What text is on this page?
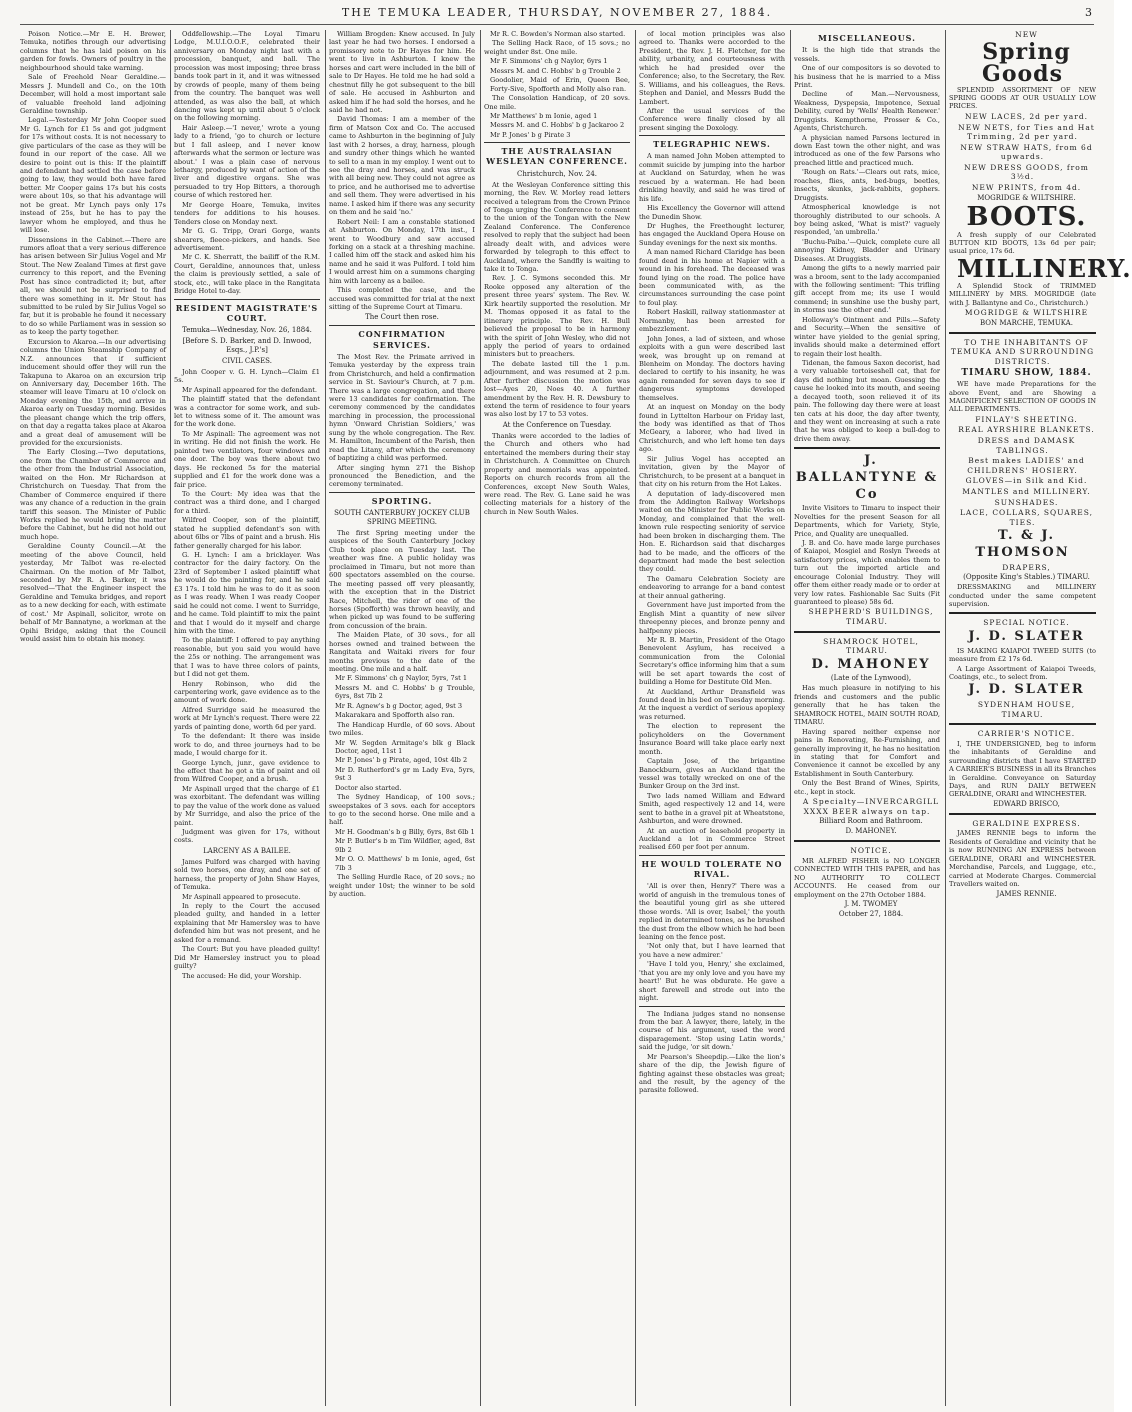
THE TEMUKA LEADER, THURSDAY, NOVEMBER 27, 1884.	3

Poison Notice.—Mr E. H. Brewer, Temuka, notifies through our advertising columns that he has laid poison on his garden for fowls. Owners of poultry in the neighbourhood should take warning.

Sale of Freehold Near Geraldine.—Messrs J. Mundell and Co., on the 10th December, will hold a most important sale of valuable freehold land adjoining Geraldine township.

Legal.—Yesterday Mr John Cooper sued Mr G. Lynch for £1 5s and got judgment for 17s without costs. It is not necessary to give particulars of the case as they will be found in our report of the case. All we desire to point out is this: If the plaintiff and defendant had settled the case before going to law, they would both have fared better. Mr Cooper gains 17s but his costs were about 10s, so that his advantage will not be great. Mr Lynch pays only 17s instead of 25s, but he has to pay the lawyer whom he employed, and thus he will lose.

Dissensions in the Cabinet.—There are rumors afloat that a very serious difference has arisen between Sir Julius Vogel and Mr Stout. The New Zealand Times at first gave currency to this report, and the Evening Post has since contradicted it; but, after all, we should not be surprised to find there was something in it. Mr Stout has submitted to be ruled by Sir Julius Vogel so far, but it is probable he found it necessary to do so while Parliament was in session so as to keep the party together.

Excursion to Akaroa.—In our advertising columns the Union Steamship Company of N.Z. announces that if sufficient inducement should offer they will run the Takapuna to Akaroa on an excursion trip on Anniversary day, December 16th. The steamer will leave Timaru at 10 o'clock on Monday evening the 15th, and arrive in Akaroa early on Tuesday morning. Besides the pleasant change which the trip offers, on that day a regatta takes place at Akaroa and a great deal of amusement will be provided for the excursionists.

The Early Closing.—Two deputations, one from the Chamber of Commerce and the other from the Industrial Association, waited on the Hon. Mr Richardson at Christchurch on Tuesday. That from the Chamber of Commerce enquired if there was any chance of a reduction in the grain tariff this season. The Minister of Public Works replied he would bring the matter before the Cabinet, but he did not hold out much hope.

Geraldine County Council.—At the meeting of the above Council, held yesterday, Mr Talbot was re-elected Chairman. On the motion of Mr Talbot, seconded by Mr R. A. Barker, it was resolved—'That the Engineer inspect the Geraldine and Temuka bridges, and report as to a new decking for each, with estimate of cost.' Mr Aspinall, solicitor, wrote on behalf of Mr Bannatyne, a workman at the Opihi Bridge, asking that the Council would assist him to obtain his money.

Oddfellowship.—The Loyal Timaru Lodge, M.U.I.O.O.F., celebrated their anniversary on Monday night last with a procession, banquet, and ball. The procession was most imposing; three brass bands took part in it, and it was witnessed by crowds of people, many of them being from the country. The banquet was well attended, as was also the ball, at which dancing was kept up until about 5 o'clock on the following morning.

Hair Asleep.—'I never,' wrote a young lady to a friend, 'go to church or lecture but I fall asleep, and I never know afterwards what the sermon or lecture was about.' I was a plain case of nervous lethargy, produced by want of action of the liver and digestive organs. She was persuaded to try Hop Bitters, a thorough course of which restored her.

Mr George Hoare, Temuka, invites tenders for additions to his houses. Tenders close on Monday next.

Mr G. G. Tripp, Orari Gorge, wants shearers, fleece-pickers, and hands. See advertisement.

Mr C. K. Sherratt, the bailiff of the R.M. Court, Geraldine, announces that, unless the claim is previously settled, a sale of stock, etc., will take place in the Rangitata Bridge Hotel to-day.

RESIDENT MAGISTRATE'S COURT.

Temuka—Wednesday, Nov. 26, 1884.

[Before S. D. Barker, and D. Inwood, Esqs., J.P.'s]

CIVIL CASES.

John Cooper v. G. H. Lynch—Claim £1 5s.

Mr Aspinall appeared for the defendant.

The plaintiff stated that the defendant was a contractor for some work, and sub-let to witness some of it. The amount was for the work done.

To Mr Aspinall: The agreement was not in writing. He did not finish the work. He painted two ventilators, four windows and one door. The boy was there about two days. He reckoned 5s for the material supplied and £1 for the work done was a fair price.

To the Court: My idea was that the contract was a third done, and I charged for a third.

Wilfred Cooper, son of the plaintiff, stated he supplied defendant's son with about 6lbs or 7lbs of paint and a brush. His father generally charged for his labor.

G. H. Lynch: I am a bricklayer. Was contractor for the dairy factory. On the 23rd of September I asked plaintiff what he would do the painting for, and he said £3 17s. I told him he was to do it as soon as I was ready. When I was ready Cooper said he could not come. I went to Surridge, and he came. Told plaintiff to mix the paint and that I would do it myself and charge him with the time.

To the plaintiff: I offered to pay anything reasonable, but you said you would have the 25s or nothing. The arrangement was that I was to have three colors of paints, but I did not get them.

Henry Robinson, who did the carpentering work, gave evidence as to the amount of work done.

Alfred Surridge said he measured the work at Mr Lynch's request. There were 22 yards of painting done, worth 6d per yard.

To the defendant: It there was inside work to do, and three journeys had to be made, I would charge for it.

George Lynch, junr., gave evidence to the effect that he got a tin of paint and oil from Wilfred Cooper, and a brush.

Mr Aspinall urged that the charge of £1 was exorbitant. The defendant was willing to pay the value of the work done as valued by Mr Surridge, and also the price of the paint.

Judgment was given for 17s, without costs.

LARCENY AS A BAILEE.

James Pulford was charged with having sold two horses, one dray, and one set of harness, the property of John Shaw Hayes, of Temuka.

Mr Aspinall appeared to prosecute.

In reply to the Court the accused pleaded guilty, and handed in a letter explaining that Mr Hamersley was to have defended him but was not present, and he asked for a remand.

The Court: But you have pleaded guilty! Did Mr Hamersley instruct you to plead guilty?

The accused: He did, your Worship.

William Brogden: Knew accused. In July last year he had two horses. I endorsed a promissory note to Dr Hayes for him. He went to live in Ashburton. I knew the horses and cart were included in the bill of sale to Dr Hayes. He told me he had sold a chestnut filly he got subsequent to the bill of sale. He accused in Ashburton and asked him if he had sold the horses, and he said he had not.

David Thomas: I am a member of the firm of Matson Cox and Co. The accused came to Ashburton in the beginning of July last with 2 horses, a dray, harness, plough and sundry other things which he wanted to sell to a man in my employ. I went out to see the dray and horses, and was struck with all being new. They could not agree as to price, and he authorised me to advertise and sell them. They were advertised in his name. I asked him if there was any security on them and he said 'no.'

Robert Neil: I am a constable stationed at Ashburton. On Monday, 17th inst., I went to Woodbury and saw accused forking on a stack at a threshing machine. I called him off the stack and asked him his name and he said it was Pulford. I told him I would arrest him on a summons charging him with larceny as a bailee.

This completed the case, and the accused was committed for trial at the next sitting of the Supreme Court at Timaru.

The Court then rose.

CONFIRMATION SERVICES.

The Most Rev. the Primate arrived in Temuka yesterday by the express train from Christchurch, and held a confirmation service in St. Saviour's Church, at 7 p.m. There was a large congregation, and there were 13 candidates for confirmation. The ceremony commenced by the candidates marching in procession, the processional hymn 'Onward Christian Soldiers,' was sung by the whole congregation. The Rev. M. Hamilton, Incumbent of the Parish, then read the Litany, after which the ceremony of baptizing a child was performed.

After singing hymn 271 the Bishop pronounced the Benediction, and the ceremony terminated.

SPORTING.

SOUTH CANTERBURY JOCKEY CLUB SPRING MEETING.

The first Spring meeting under the auspices of the South Canterbury Jockey Club took place on Tuesday last. The weather was fine. A public holiday was proclaimed in Timaru, but not more than 600 spectators assembled on the course. The meeting passed off very pleasantly, with the exception that in the District Race, Mitchell, the rider of one of the horses (Spofforth) was thrown heavily, and when picked up was found to be suffering from concussion of the brain.

The Maiden Plate, of 30 sovs., for all horses owned and trained between the Rangitata and Waitaki rivers for four months previous to the date of the meeting. One mile and a half.

Mr F. Simmons' ch g Naylor, 5yrs, 7st 1

Messrs M. and C. Hobbs' b g Trouble, 6yrs, 8st 7lb 2

Mr R. Agnew's b g Doctor, aged, 9st 3

Makarakara and Spofforth also ran.

The Handicap Hurdle, of 60 sovs. About two miles.

Mr W. Segden Armitage's blk g Black Doctor, aged, 11st 1

Mr P. Jones' b g Pirate, aged, 10st 4lb 2

Mr D. Rutherford's gr m Lady Eva, 5yrs, 9st 3

Doctor also started.

The Sydney Handicap, of 100 sovs.; sweepstakes of 3 sovs. each for acceptors to go to the second horse. One mile and a half.

Mr H. Goodman's b g Billy, 6yrs, 8st 6lb 1

Mr P. Butler's b m Tim Wildfler, aged, 8st 9lb 2

Mr O. O. Matthews' b m Ionie, aged, 6st 7lb 3

The Selling Hurdle Race, of 20 sovs.; no weight under 10st; the winner to be sold by auction.

Mr R. C. Bowden's Norman also started.

The Selling Hack Race, of 15 sovs.; no weight under 8st. One mile.

Mr F. Simmons' ch g Naylor, 6yrs 1

Messrs M. and C. Hobbs' b g Trouble 2

Goodolier, Maid of Erin, Queen Bee, Forty-Sive, Spofforth and Molly also ran.

The Consolation Handicap, of 20 sovs. One mile.

Mr Matthews' b m Ionie, aged 1

Messrs M. and C. Hobbs' b g Jackaroo 2

Mr P. Jones' b g Pirate 3

THE AUSTRALASIAN WESLEYAN CONFERENCE.

Christchurch, Nov. 24.

At the Wesleyan Conference sitting this morning, the Rev. W. Morley read letters received a telegram from the Crown Prince of Tonga urging the Conference to consent to the union of the Tongan with the New Zealand Conference. The Conference resolved to reply that the subject had been already dealt with, and advices were forwarded by telegraph to this effect to Auckland, where the Sandfly is waiting to take it to Tonga.

Rev. J. C. Symons seconded this. Mr Rooke opposed any alteration of the present three years' system. The Rev. W. Kirk heartily supported the resolution. Mr M. Thomas opposed it as fatal to the itinerary principle. The Rev. H. Bull believed the proposal to be in harmony with the spirit of John Wesley, who did not apply the period of years to ordained ministers but to preachers.

The debate lasted till the 1 p.m. adjournment, and was resumed at 2 p.m. After further discussion the motion was lost—Ayes 20, Noes 40. A further amendment by the Rev. H. R. Dewsbury to extend the term of residence to four years was also lost by 17 to 53 votes.

At the Conference on Tuesday.

Thanks were accorded to the ladies of the Church and others who had entertained the members during their stay in Christchurch. A Committee on Church property and memorials was appointed. Reports on church records from all the Conferences, except New South Wales, were read. The Rev. G. Lane said he was collecting materials for a history of the church in New South Wales.

of local motion principles was also agreed to. Thanks were accorded to the President, the Rev. J. H. Fletcher, for the ability, urbanity, and courteousness with which he had presided over the Conference; also, to the Secretary, the Rev. S. Williams, and his colleagues, the Revs. Stephen and Daniel, and Messrs Budd the Lambert.

After the usual services of the Conference were finally closed by all present singing the Doxology.

TELEGRAPHIC NEWS.

A man named John Moben attempted to commit suicide by jumping into the harbor at Auckland on Saturday, when he was rescued by a waterman. He had been drinking heavily, and said he was tired of his life.

His Excellency the Governor will attend the Dunedin Show.

Dr Hughes, the Freethought lecturer, has engaged the Auckland Opera House on Sunday evenings for the next six months.

A man named Richard Claridge has been found dead in his home at Napier with a wound in his forehead. The deceased was found lying on the road. The police have been communicated with, as the circumstances surrounding the case point to foul play.

Robert Haskill, railway stationmaster at Normanby, has been arrested for embezzlement.

John Jones, a lad of sixteen, and whose exploits with a gun were described last week, was brought up on remand at Blenheim on Monday. The doctors having declared to certify to his insanity, he was again remanded for seven days to see if dangerous symptoms developed themselves.

At an inquest on Monday on the body found in Lyttelton Harbour on Friday last, the body was identified as that of Thos McGeary, a laborer, who had lived in Christchurch, and who left home ten days ago.

Sir Julius Vogel has accepted an invitation, given by the Mayor of Christchurch, to be present at a banquet in that city on his return from the Hot Lakes.

A deputation of lady-discovered men from the Addington Railway Workshops waited on the Minister for Public Works on Monday, and complained that the well-known rule respecting seniority of service had been broken in discharging them. The Hon. E. Richardson said that discharges had to be made, and the officers of the department had made the best selection they could.

The Oamaru Celebration Society are endeavoring to arrange for a band contest at their annual gathering.

Government have just imported from the English Mint a quantity of new silver threepenny pieces, and bronze penny and halfpenny pieces.

Mr R. B. Martin, President of the Otago Benevolent Asylum, has received a communication from the Colonial Secretary's office informing him that a sum will be set apart towards the cost of building a Home for Destitute Old Men.

At Auckland, Arthur Dransfield was found dead in his bed on Tuesday morning. At the inquest a verdict of serious apoplexy was returned.

The election to represent the policyholders on the Government Insurance Board will take place early next month.

Captain Jose, of the brigantine Banockburn, gives an Auckland that the vessel was totally wrecked on one of the Bunker Group on the 3rd inst.

Two lads named William and Edward Smith, aged respectively 12 and 14, were sent to bathe in a gravel pit at Wheatstone, Ashburton, and were drowned.

At an auction of leasehold property in Auckland a lot in Commerce Street realised £60 per foot per annum.

HE WOULD TOLERATE NO RIVAL.

'All is over then, Henry?' There was a world of anguish in the tremulous tones of the beautiful young girl as she uttered those words. 'All is over, Isabel,' the youth replied in determined tones, as he brushed the dust from the elbow which he had been leaning on the fence post.

'Not only that, but I have learned that you have a new admirer.'

'Have I told you, Henry,' she exclaimed, 'that you are my only love and you have my heart!' But he was obdurate. He gave a short farewell and strode out into the night.

The Indiana judges stand no nonsense from the bar. A lawyer, there, lately, in the course of his argument, used the word disparagement. 'Stop using Latin words,' said the judge, 'or sit down.'

Mr Pearson's Sheepdip.—Like the lion's share of the dip, the Jewish figure of fighting against these obstacles was great; and the result, by the agency of the parasite followed.

MISCELLANEOUS.

It is the high tide that strands the vessels.

One of our compositors is so devoted to his business that he is married to a Miss Print.

Decline of Man.—Nervousness, Weakness, Dyspepsia, Impotence, Sexual Debility, cured by 'Wells' Health Renewer.' Druggists. Kempthorne, Prosser & Co., Agents, Christchurch.

A physician named Parsons lectured in down East town the other night, and was introduced as one of the few Parsons who preached little and practiced much.

'Rough on Rats.'—Clears out rats, mice, roaches, flies, ants, bed-bugs, beetles, insects, skunks, jack-rabbits, gophers. Druggists.

Atmospherical knowledge is not thoroughly distributed to our schools. A boy being asked, 'What is mist?' vaguely responded, 'an umbrella.'

'Buchu-Paiba.'—Quick, complete cure all annoying Kidney, Bladder and Urinary Diseases. At Druggists.

Among the gifts to a newly married pair was a broom, sent to the lady accompanied with the following sentiment: 'This trifling gift accept from me; its use I would commend; in sunshine use the bushy part, in storms use the other end.'

Holloway's Ointment and Pills.—Safety and Security.—When the sensitive of winter have yielded to the genial spring, invalids should make a determined effort to regain their lost health.

Tidenan, the famous Saxon decorist, had a very valuable tortoiseshell cat, that for days did nothing but moan. Guessing the cause he looked into its mouth, and seeing a decayed tooth, soon relieved it of its pain. The following day there were at least ten cats at his door, the day after twenty, and they went on increasing at such a rate that he was obliged to keep a bull-dog to drive them away.

J. BALLANTYNE & Co

Invite Visitors to Timaru to inspect their Novelties for the present Season for all Departments, which for Variety, Style, Price, and Quality are unequalled.

J. B. and Co. have made large purchases of Kaiapoi, Mosgiel and Roslyn Tweeds at satisfactory prices, which enables them to turn out the imported article and encourage Colonial Industry. They will offer them either ready made or to order at very low rates. Fashionable Sac Suits (Fit guaranteed to please) 58s 6d.

SHEPHERD'S BUILDINGS, TIMARU.

SHAMROCK HOTEL, TIMARU.

D. MAHONEY

(Late of the Lynwood),

Has much pleasure in notifying to his friends and customers and the public generally that he has taken the SHAMROCK HOTEL, MAIN SOUTH ROAD, TIMARU.

Having spared neither expense nor pains in Renovating, Re-Furnishing, and generally improving it, he has no hesitation in stating that for Comfort and Convenience it cannot be excelled by any Establishment in South Canterbury.

Only the Best Brand of Wines, Spirits, etc., kept in stock.

A Specialty—INVERCARGILL XXXX BEER always on tap.

Billiard Room and Bathroom.

D. MAHONEY.

NOTICE.

MR ALFRED FISHER is NO LONGER CONNECTED WITH THIS PAPER, and has NO AUTHORITY TO COLLECT ACCOUNTS. He ceased from our employment on the 27th October 1884.

J. M. TWOMEY

October 27, 1884.

NEW

Spring Goods

SPLENDID ASSORTMENT OF NEW SPRING GOODS AT OUR USUALLY LOW PRICES.

NEW LACES, 2d per yard.

NEW NETS, for Ties and Hat Trimming, 2d per yard.

NEW STRAW HATS, from 6d upwards.

NEW DRESS GOODS, from 3½d.

NEW PRINTS, from 4d.

MOGRIDGE & WILTSHIRE.

BOOTS.

A fresh supply of our Celebrated BUTTON KID BOOTS, 13s 6d per pair; usual price, 17s 6d.

MILLINERY.

A Splendid Stock of TRIMMED MILLINERY by MRS. MOGRIDGE (late with J. Ballantyne and Co., Christchurch.)

MOGRIDGE & WILTSHIRE

BON MARCHE, TEMUKA.

TO THE INHABITANTS OF TEMUKA AND SURROUNDING DISTRICTS.

TIMARU SHOW, 1884.

WE have made Preparations for the above Event, and are Showing a MAGNIFICENT SELECTION OF GOODS IN ALL DEPARTMENTS.

FINLAY'S SHEETING.

REAL AYRSHIRE BLANKETS.

DRESS and DAMASK TABLINGS.

Best makes LADIES' and CHILDRENS' HOSIERY.

GLOVES—in Silk and Kid.

MANTLES and MILLINERY.

SUNSHADES.

LACE, COLLARS, SQUARES, TIES.

T. & J. THOMSON

DRAPERS,

(Opposite King's Stables.) TIMARU.

DRESSMAKING and MILLINERY conducted under the same competent supervision.

SPECIAL NOTICE.

J. D. SLATER

IS MAKING KAIAPOI TWEED SUITS (to measure from £2 17s 6d.

A Large Assortment of Kaiapoi Tweeds, Coatings, etc., to select from.

J. D. SLATER

SYDENHAM HOUSE, TIMARU.

CARRIER'S NOTICE.

I, THE UNDERSIGNED, beg to inform the inhabitants of Geraldine and surrounding districts that I have STARTED A CARRIER'S BUSINESS in all its Branches in Geraldine. Conveyance on Saturday Days, and RUN DAILY BETWEEN GERALDINE, ORARI and WINCHESTER.

EDWARD BRISCO,

GERALDINE EXPRESS.

JAMES RENNIE begs to inform the Residents of Geraldine and vicinity that he is now RUNNING AN EXPRESS between GERALDINE, ORARI and WINCHESTER. Merchandise, Parcels, and Luggage, etc., carried at Moderate Charges. Commercial Travellers waited on.

JAMES RENNIE.
